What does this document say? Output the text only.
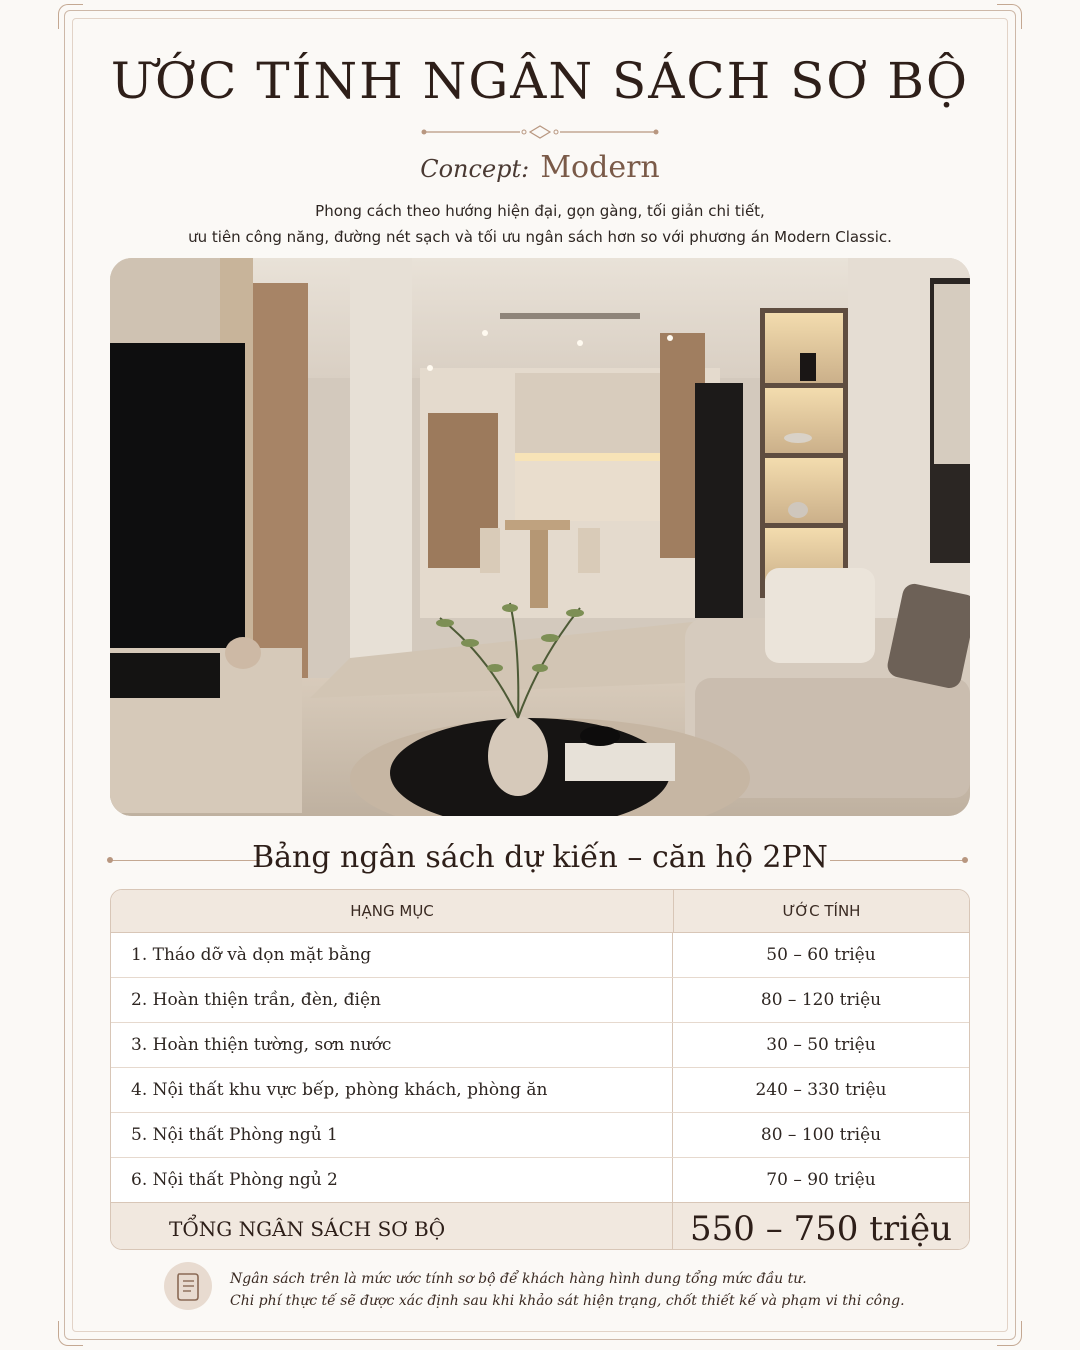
ƯỚC TÍNH NGÂN SÁCH SƠ BỘ
Concept: Modern
Phong cách theo hướng hiện đại, gọn gàng, tối giản chi tiết,
ưu tiên công năng, đường nét sạch và tối ưu ngân sách hơn so với phương án Modern Classic.
Bảng ngân sách dự kiến – căn hộ 2PN
HẠNG MỤC	ƯỚC TÍNH
1. Tháo dỡ và dọn mặt bằng	50 – 60 triệu
2. Hoàn thiện trần, đèn, điện	80 – 120 triệu
3. Hoàn thiện tường, sơn nước	30 – 50 triệu
4. Nội thất khu vực bếp, phòng khách, phòng ăn	240 – 330 triệu
5. Nội thất Phòng ngủ 1	80 – 100 triệu
6. Nội thất Phòng ngủ 2	70 – 90 triệu
TỔNG NGÂN SÁCH SƠ BỘ	550 – 750 triệu
Ngân sách trên là mức ước tính sơ bộ để khách hàng hình dung tổng mức đầu tư.
Chi phí thực tế sẽ được xác định sau khi khảo sát hiện trạng, chốt thiết kế và phạm vi thi công.
